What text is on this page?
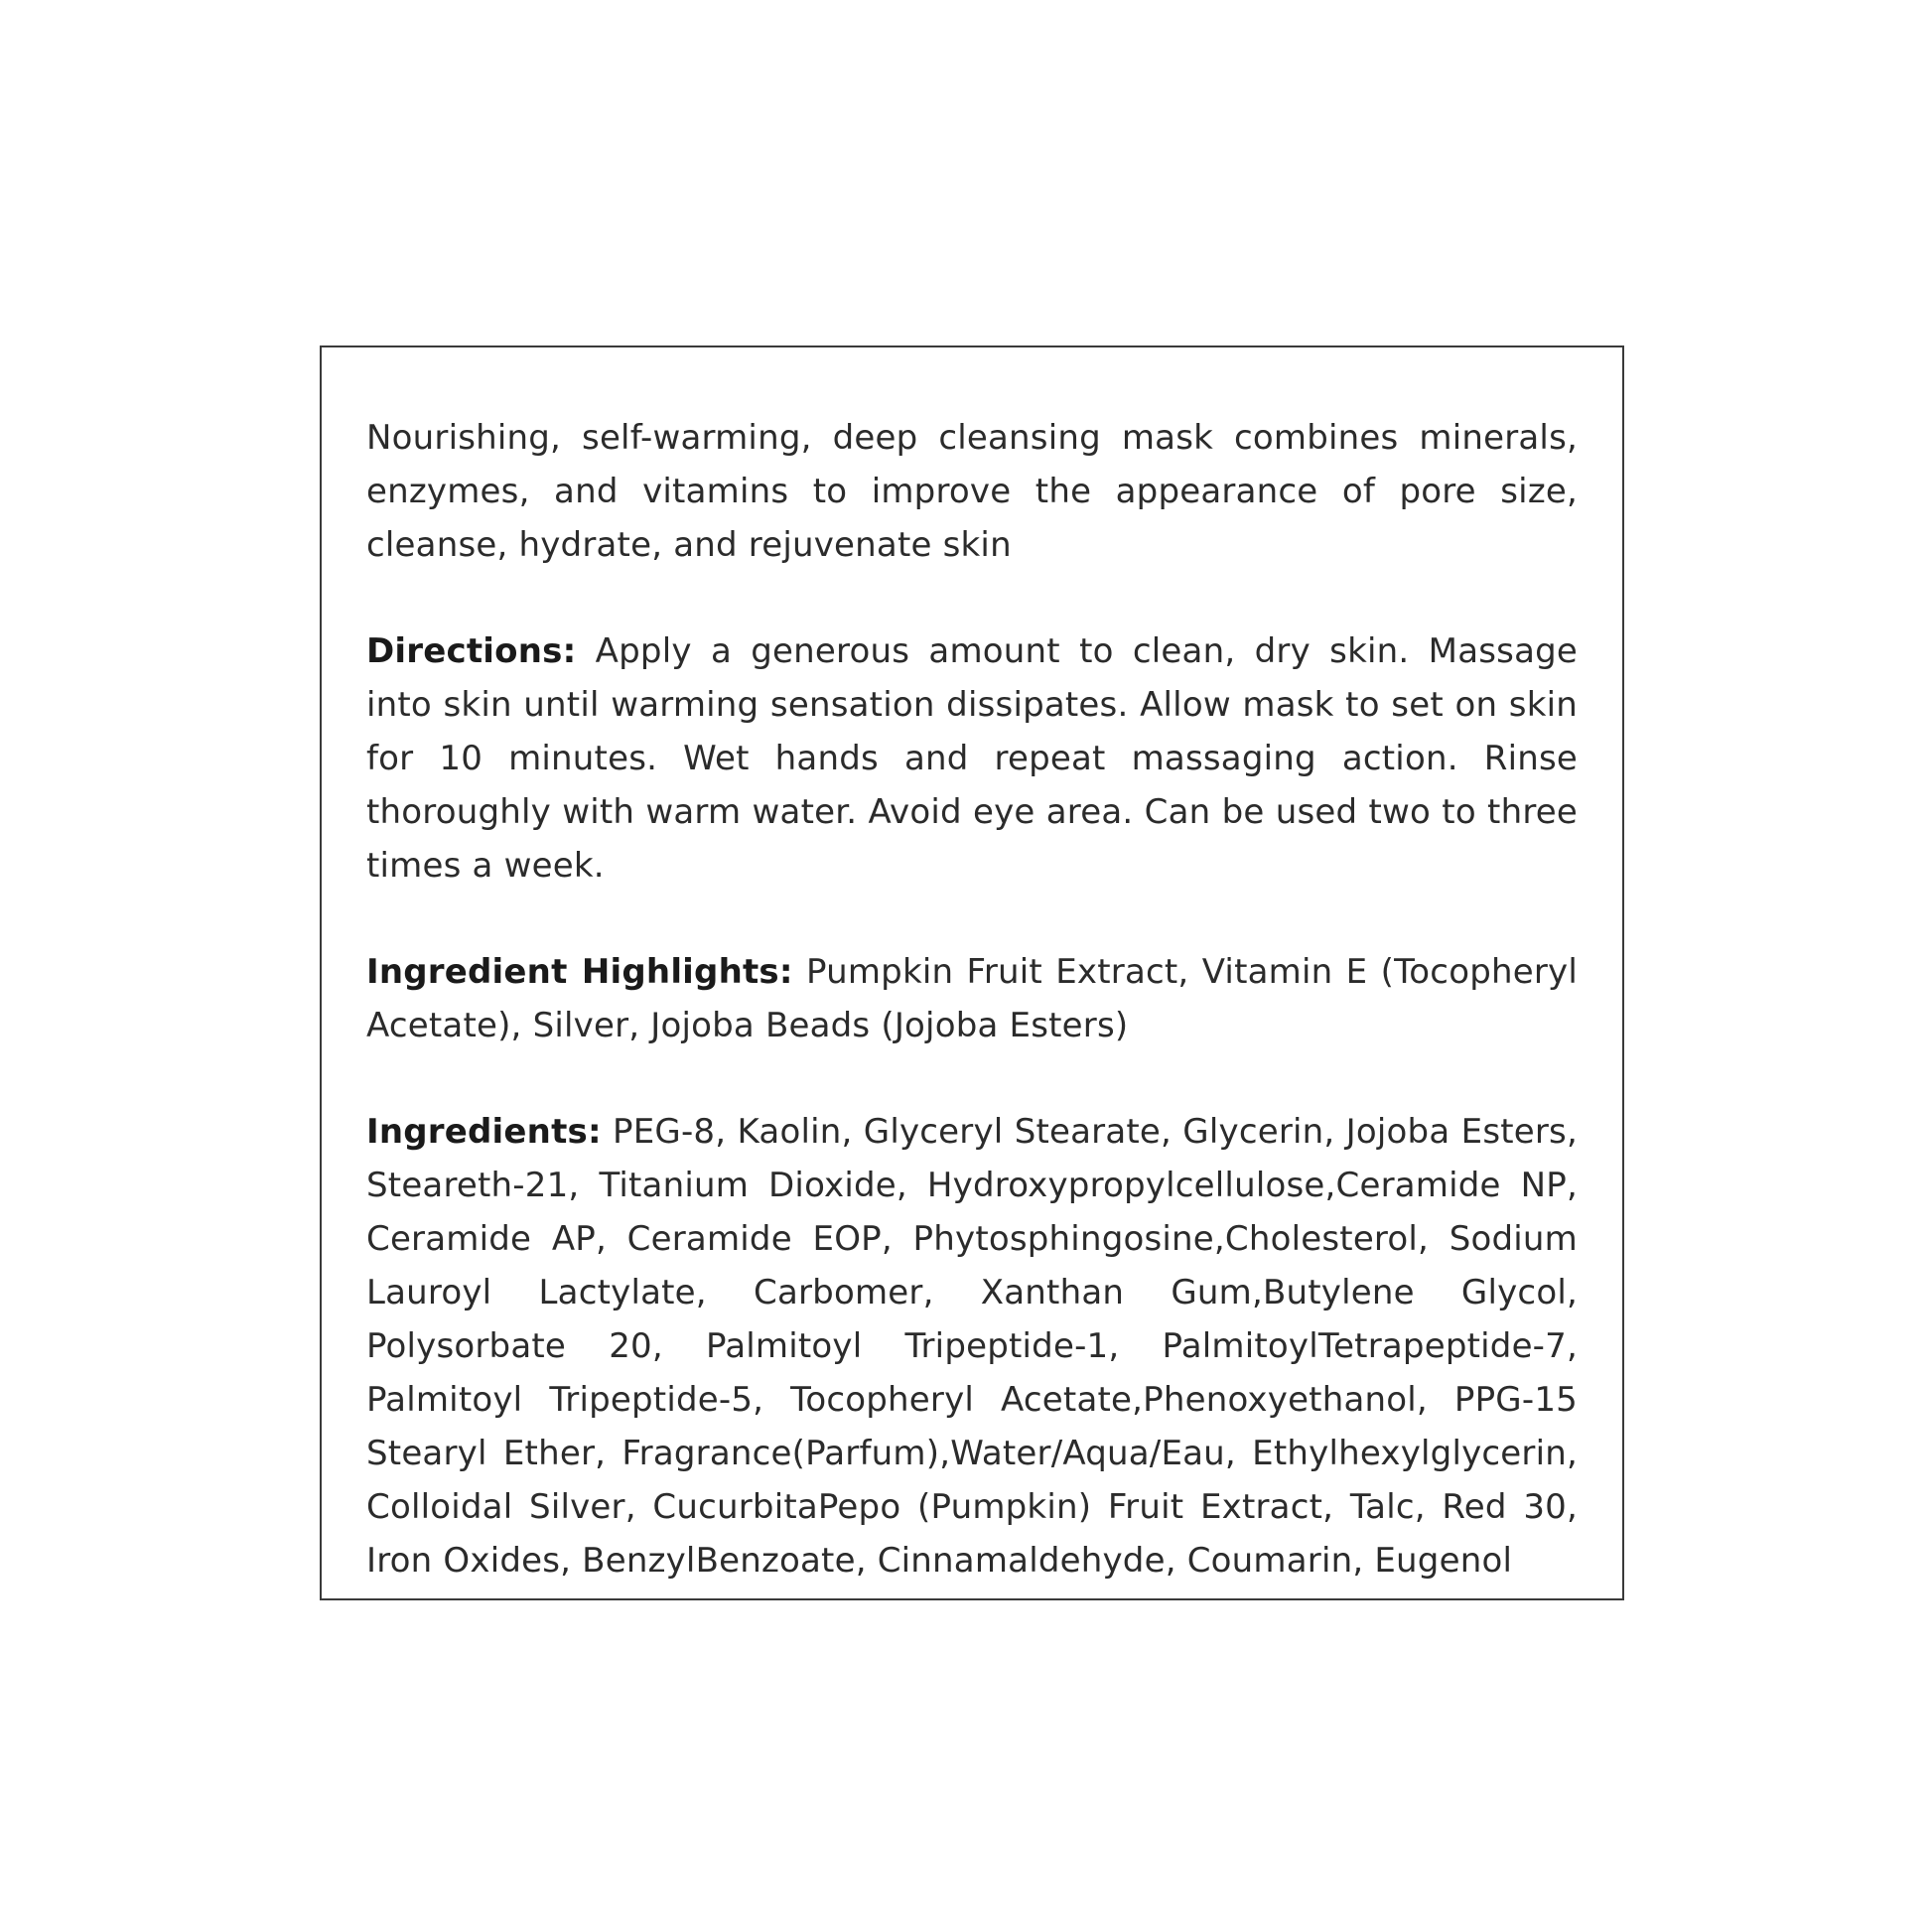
Nourishing, self-warming, deep cleansing mask combines minerals, enzymes, and vitamins to improve the appearance of pore size, cleanse, hydrate, and rejuvenate skin

Directions: Apply a generous amount to clean, dry skin. Massage into skin until warming sensation dissipates. Allow mask to set on skin for 10 minutes. Wet hands and repeat massaging action. Rinse thoroughly with warm water. Avoid eye area. Can be used two to three times a week.

Ingredient Highlights: Pumpkin Fruit Extract, Vitamin E (Tocopheryl Acetate), Silver, Jojoba Beads (Jojoba Esters)

Ingredients: PEG-8, Kaolin, Glyceryl Stearate, Glycerin, Jojoba Esters, Steareth-21, Titanium Dioxide, Hydroxypropylcellulose,Ceramide NP, Ceramide AP, Ceramide EOP, Phytosphingosine,Cholesterol, Sodium Lauroyl Lactylate, Carbomer, Xanthan Gum,Butylene Glycol, Polysorbate 20, Palmitoyl Tripeptide-1, PalmitoylTetrapeptide-7, Palmitoyl Tripeptide-5, Tocopheryl Acetate,Phenoxyethanol, PPG-15 Stearyl Ether, Fragrance(Parfum),Water/Aqua/Eau, Ethylhexylglycerin, Colloidal Silver, CucurbitaPepo (Pumpkin) Fruit Extract, Talc, Red 30, Iron Oxides, BenzylBenzoate, Cinnamaldehyde, Coumarin, Eugenol
